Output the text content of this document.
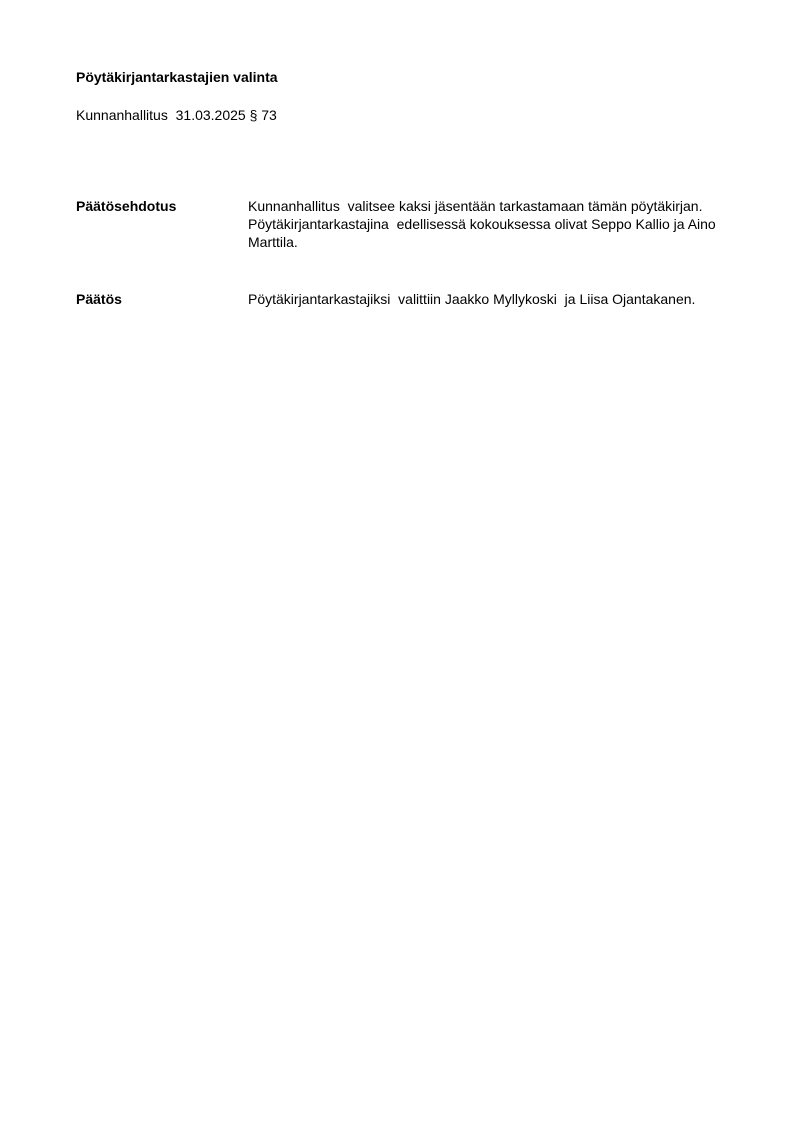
Pöytäkirjantarkastajien valinta
Kunnanhallitus  31.03.2025 § 73
Päätösehdotus	Kunnanhallitus  valitsee kaksi jäsentään tarkastamaan tämän pöytäkirjan.

Pöytäkirjantarkastajina  edellisessä kokouksessa olivat Seppo Kallio ja Aino Marttila.

Päätös	Pöytäkirjantarkastajiksi  valittiin Jaakko Myllykoski  ja Liisa Ojantakanen.
